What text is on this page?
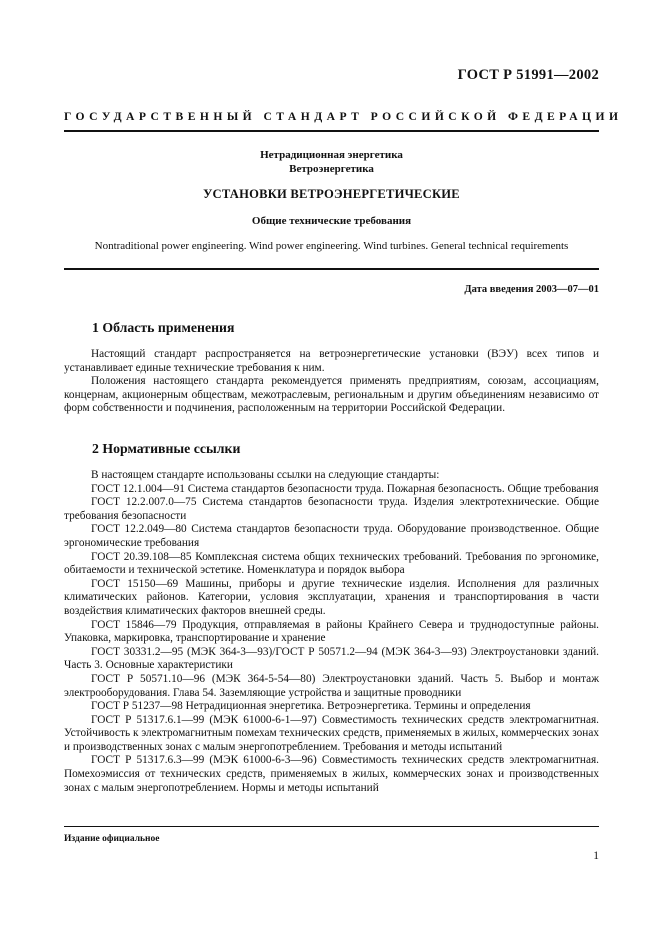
ГОСТ Р 51991—2002
ГОСУДАРСТВЕННЫЙ СТАНДАРТ РОССИЙСКОЙ ФЕДЕРАЦИИ
Нетрадиционная энергетика
Ветроэнергетика
УСТАНОВКИ ВЕТРОЭНЕРГЕТИЧЕСКИЕ
Общие технические требования
Nontraditional power engineering. Wind power engineering. Wind turbines. General technical requirements
Дата введения 2003—07—01
1 Область применения

Настоящий стандарт распространяется на ветроэнергетические установки (ВЭУ) всех типов и устанавливает единые технические требования к ним.

Положения настоящего стандарта рекомендуется применять предприятиям, союзам, ассоциациям, концернам, акционерным обществам, межотраслевым, региональным и другим объединениям независимо от форм собственности и подчинения, расположенным на территории Российской Федерации.

2 Нормативные ссылки

В настоящем стандарте использованы ссылки на следующие стандарты:

ГОСТ 12.1.004—91 Система стандартов безопасности труда. Пожарная безопасность. Общие требования

ГОСТ 12.2.007.0—75 Система стандартов безопасности труда. Изделия электротехнические. Общие требования безопасности

ГОСТ 12.2.049—80 Система стандартов безопасности труда. Оборудование производственное. Общие эргономические требования

ГОСТ 20.39.108—85 Комплексная система общих технических требований. Требования по эргономике, обитаемости и технической эстетике. Номенклатура и порядок выбора

ГОСТ 15150—69 Машины, приборы и другие технические изделия. Исполнения для различных климатических районов. Категории, условия эксплуатации, хранения и транспортирования в части воздействия климатических факторов внешней среды.

ГОСТ 15846—79 Продукция, отправляемая в районы Крайнего Севера и труднодоступные районы. Упаковка, маркировка, транспортирование и хранение

ГОСТ 30331.2—95 (МЭК 364-3—93)/ГОСТ Р 50571.2—94 (МЭК 364-3—93) Электроустановки зданий. Часть 3. Основные характеристики

ГОСТ Р 50571.10—96 (МЭК 364-5-54—80) Электроустановки зданий. Часть 5. Выбор и монтаж электрооборудования. Глава 54. Заземляющие устройства и защитные проводники

ГОСТ Р 51237—98 Нетрадиционная энергетика. Ветроэнергетика. Термины и определения

ГОСТ Р 51317.6.1—99 (МЭК 61000-6-1—97) Совместимость технических средств электромагнитная. Устойчивость к электромагнитным помехам технических средств, применяемых в жилых, коммерческих зонах и производственных зонах с малым энергопотреблением. Требования и методы испытаний

ГОСТ Р 51317.6.3—99 (МЭК 61000-6-3—96) Совместимость технических средств электромагнитная. Помехоэмиссия от технических средств, применяемых в жилых, коммерческих зонах и производственных зонах с малым энергопотреблением. Нормы и методы испытаний

Издание официальное
1
